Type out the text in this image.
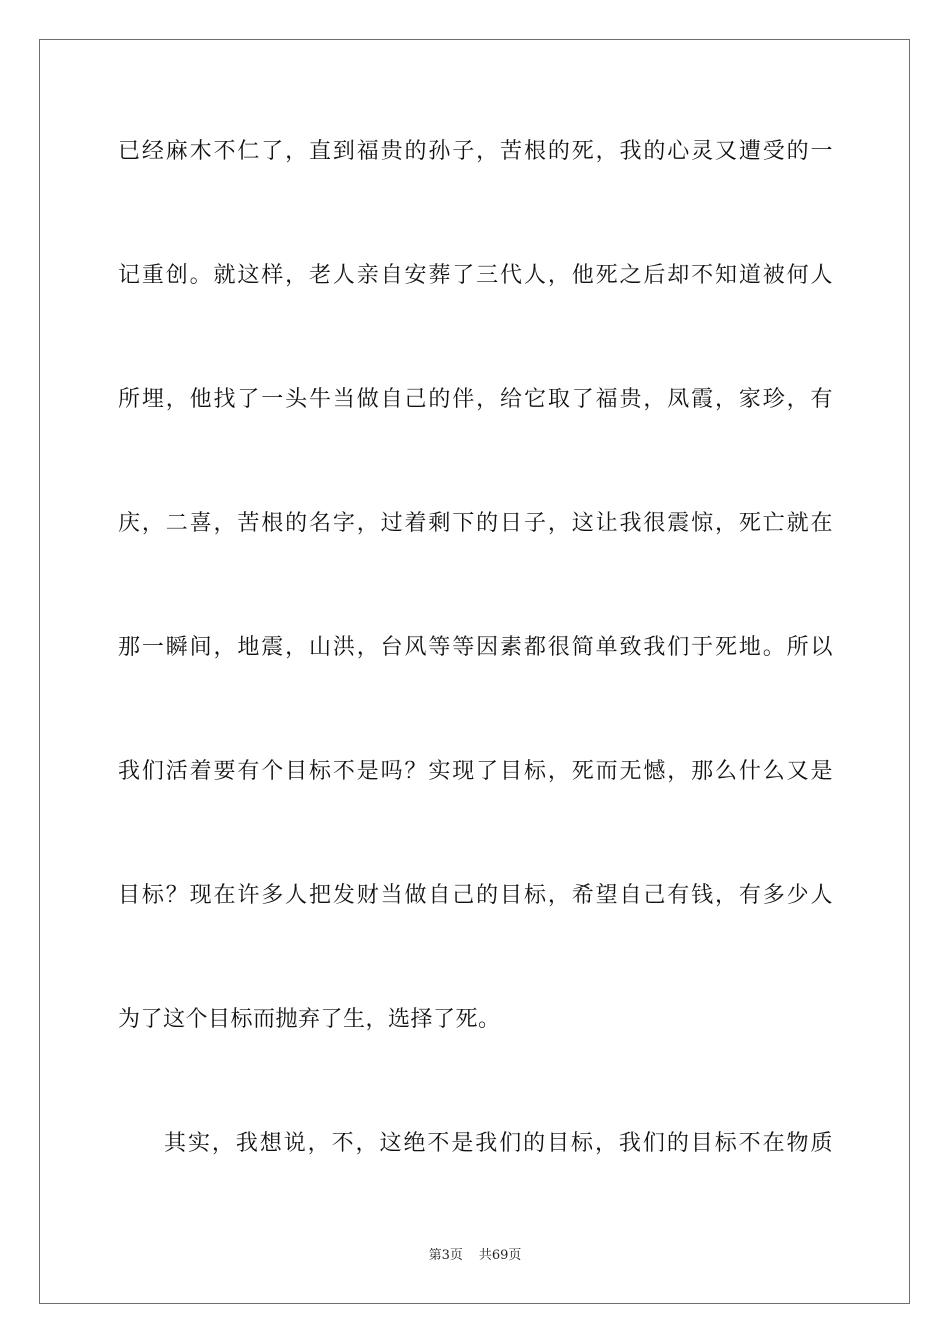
已经麻木不仁了，直到福贵的孙子，苦根的死，我的心灵又遭受的一
记重创。就这样，老人亲自安葬了三代人，他死之后却不知道被何人
所埋，他找了一头牛当做自己的伴，给它取了福贵，凤霞，家珍，有
庆，二喜，苦根的名字，过着剩下的日子，这让我很震惊，死亡就在
那一瞬间，地震，山洪，台风等等因素都很简单致我们于死地。所以
我们活着要有个目标不是吗？实现了目标，死而无憾，那么什么又是
目标？现在许多人把发财当做自己的目标，希望自己有钱，有多少人
为了这个目标而抛弃了生，选择了死。
其实，我想说，不，这绝不是我们的目标，我们的目标不在物质
第3页 共69页
